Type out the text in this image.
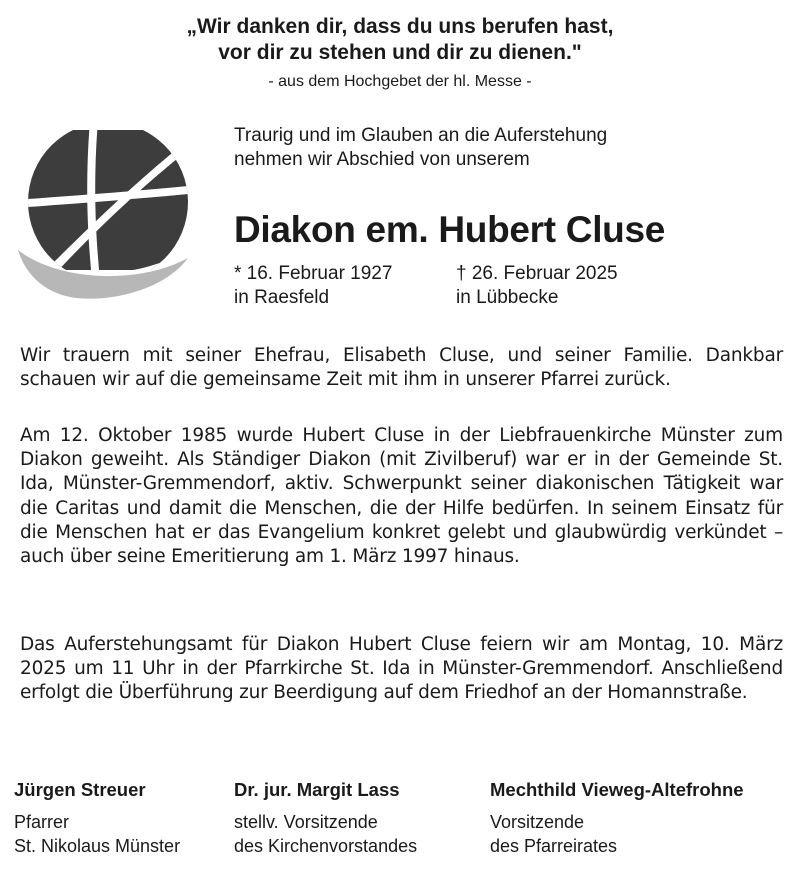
„Wir danken dir, dass du uns berufen hast,
vor dir zu stehen und dir zu dienen."
- aus dem Hochgebet der hl. Messe -
Traurig und im Glauben an die Auferstehung
nehmen wir Abschied von unserem
Diakon em. Hubert Cluse
* 16. Februar 1927
in Raesfeld
† 26. Februar 2025
in Lübbecke
Wir trauern mit seiner Ehefrau, Elisabeth Cluse, und seiner Familie. Dankbar schauen wir auf die gemeinsame Zeit mit ihm in unserer Pfarrei zurück.
Am 12. Oktober 1985 wurde Hubert Cluse in der Liebfrauenkirche Münster zum Diakon geweiht. Als Ständiger Diakon (mit Zivilberuf) war er in der Gemeinde St. Ida, Münster-Gremmendorf, aktiv. Schwerpunkt seiner diakonischen Tätigkeit war die Caritas und damit die Menschen, die der Hilfe bedürfen. In seinem Einsatz für die Menschen hat er das Evangelium konkret gelebt und glaubwürdig verkündet – auch über seine Emeritierung am 1. März 1997 hinaus.
Das Auferstehungsamt für Diakon Hubert Cluse feiern wir am Montag, 10. März 2025 um 11 Uhr in der Pfarrkirche St. Ida in Münster-Gremmendorf. Anschließend erfolgt die Überführung zur Beerdigung auf dem Friedhof an der Homannstraße.
Jürgen Streuer
Pfarrer
St. Nikolaus Münster
Dr. jur. Margit Lass
stellv. Vorsitzende
des Kirchenvorstandes
Mechthild Vieweg-Altefrohne
Vorsitzende
des Pfarreirates
